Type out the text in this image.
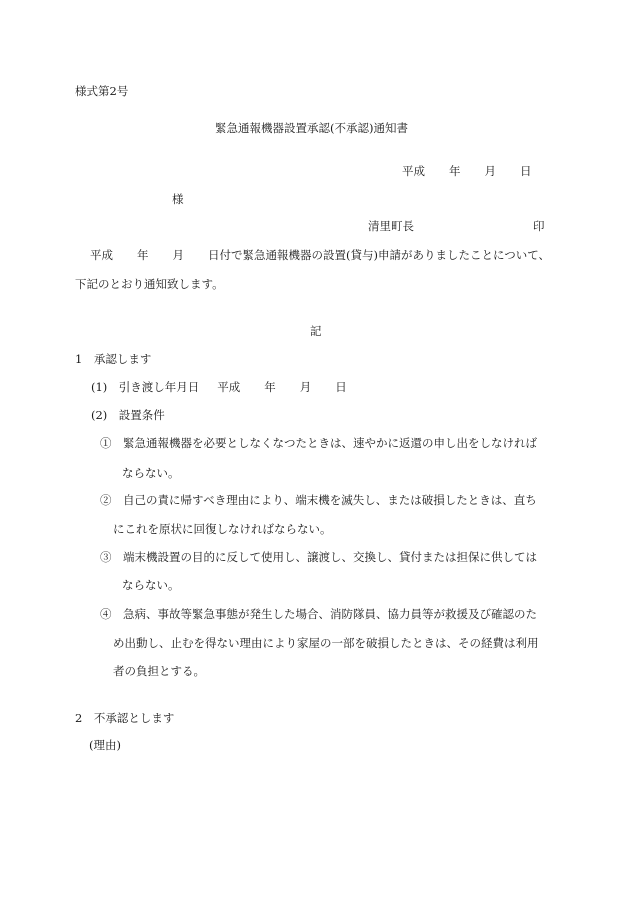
様式第2号
緊急通報機器設置承認(不承認)通知書
平成 年 月 日
様
清里町長	印
平成 年 月 日付で緊急通報機器の設置(貸与)申請がありましたことについて、
下記のとおり通知致します。
記
1　承認します
(1)　引き渡し年月日 平成 年 月 日
(2)　設置条件
①　緊急通報機器を必要としなくなつたときは、速やかに返還の申し出をしなければ
ならない。
②　自己の責に帰すべき理由により、端末機を滅失し、または破損したときは、直ち
にこれを原状に回復しなければならない。
③　端末機設置の目的に反して使用し、譲渡し、交換し、貸付または担保に供しては
ならない。
④　急病、事故等緊急事態が発生した場合、消防隊員、協力員等が救援及び確認のた
め出動し、止むを得ない理由により家屋の一部を破損したときは、その経費は利用
者の負担とする。
2　不承認とします
(理由)
